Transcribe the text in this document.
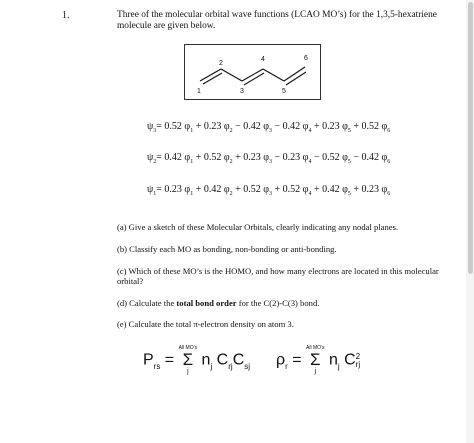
1.	Three of the molecular orbital wave functions (LCAO MO’s) for the 1,3,5-hexatriene molecule are given below.
1
2
3
4
5
6
$\psi_3= 0.52$ $\varphi_1 + 0.23$ $\varphi_2 - 0.42$ $\varphi_3 - 0.42$ $\varphi_4 + 0.23$ $\varphi_5 + 0.52$ $\varphi_6$
$\psi_2= 0.42$ $\varphi_1 + 0.52$ $\varphi_2 + 0.23$ $\varphi_3 - 0.23$ $\varphi_4 - 0.52$ $\varphi_5 - 0.42$ $\varphi_6$
$\psi_1= 0.23$ $\varphi_1 + 0.42$ $\varphi_2 + 0.52$ $\varphi_3 + 0.52$ $\varphi_4 + 0.42$ $\varphi_5 + 0.23$ $\varphi_6$
(a) Give a sketch of these Molecular Orbitals, clearly indicating any nodal planes.
(b) Classify each MO as bonding, non-bonding or anti-bonding.
(c) Which of these MO’s is the HOMO, and how many electrons are located in this molecular orbital?
(d) Calculate the total bond order for the C(2)-C(3) bond.
(e) Calculate the total π-electron density on atom 3.
$P_{rs}$ =
All MO’s
Σ
j
$n_j$ $C_{rj}C_{sj}$ $\rho_r$ =
All MO’s
Σ
j
$n_j$ C 2
rj
